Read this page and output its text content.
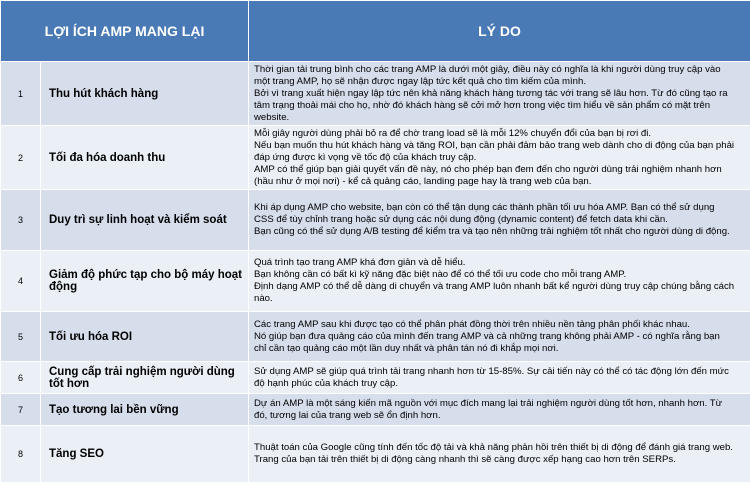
LỢI ÍCH AMP MANG LẠI		LÝ DO
1	Thu hút khách hàng	Thời gian tải trung bình cho các trang AMP là dưới một giây, điều này có nghĩa là khi người dùng truy cập vào
một trang AMP, họ sẽ nhận được ngay lập tức kết quả cho tìm kiếm của mình.
Bởi vì trang xuất hiện ngay lập tức nên khả năng khách hàng tương tác với trang sẽ lâu hơn. Từ đó cũng tạo ra
tâm trạng thoải mái cho họ, nhờ đó khách hàng sẽ cởi mở hơn trong việc tìm hiểu về sản phẩm có mặt trên
website.

2	Tối đa hóa doanh thu	Mỗi giây người dùng phải bỏ ra để chờ trang load sẽ là mỗi 12% chuyển đổi của bạn bị rơi đi.
Nếu bạn muốn thu hút khách hàng và tăng ROI, bạn cần phải đảm bảo trang web dành cho di động của bạn phải
đáp ứng được kì vọng về tốc độ của khách truy cập.
AMP có thể giúp bạn giải quyết vấn đề này, nó cho phép bạn đem đến cho người dùng trải nghiệm nhanh hơn
(hầu như ở mọi nơi) - kể cả quảng cáo, landing page hay là trang web của bạn.

3	Duy trì sự linh hoạt và kiểm soát	Khi áp dụng AMP cho website, bạn còn có thể tận dụng các thành phần tối ưu hóa AMP. Bạn có thể sử dụng
CSS để tùy chỉnh trang hoặc sử dụng các nội dung động (dynamic content) để fetch data khi cần.
Bạn cũng có thể sử dụng A/B testing để kiểm tra và tạo nên những trải nghiệm tốt nhất cho người dùng di động.

4	Giảm độ phức tạp cho bộ máy hoạt động	Quá trình tạo trang AMP khá đơn giản và dễ hiểu.
Bạn không cần có bất kì kỹ năng đặc biệt nào để có thể tối ưu code cho mỗi trang AMP.
Định dạng AMP có thể dễ dàng di chuyển và trang AMP luôn nhanh bất kể người dùng truy cập chúng bằng cách
nào.

5	Tối ưu hóa ROI	Các trang AMP sau khi được tạo có thể phân phát đồng thời trên nhiều nền tảng phân phối khác nhau.
Nó giúp bạn đưa quảng cáo của mình đến trang AMP và cả những trang không phải AMP - có nghĩa rằng bạn
chỉ cần tạo quảng cáo một lần duy nhất và phân tán nó đi khắp mọi nơi.

6	Cung cấp trải nghiệm người dùng tốt hơn	Sử dụng AMP sẽ giúp quá trình tải trang nhanh hơn từ 15-85%. Sự cải tiến này có thể có tác động lớn đến mức
độ hạnh phúc của khách truy cập.

7	Tạo tương lai bền vững	Dự án AMP là một sáng kiến mã nguồn với mục đích mang lại trải nghiệm người dùng tốt hơn, nhanh hơn. Từ
đó, tương lai của trang web sẽ ổn định hơn.

8	Tăng SEO	Thuật toán của Google cũng tính đến tốc độ tải và khả năng phản hồi trên thiết bị di động để đánh giá trang web.
Trang của bạn tải trên thiết bị di động càng nhanh thì sẽ càng được xếp hạng cao hơn trên SERPs.
